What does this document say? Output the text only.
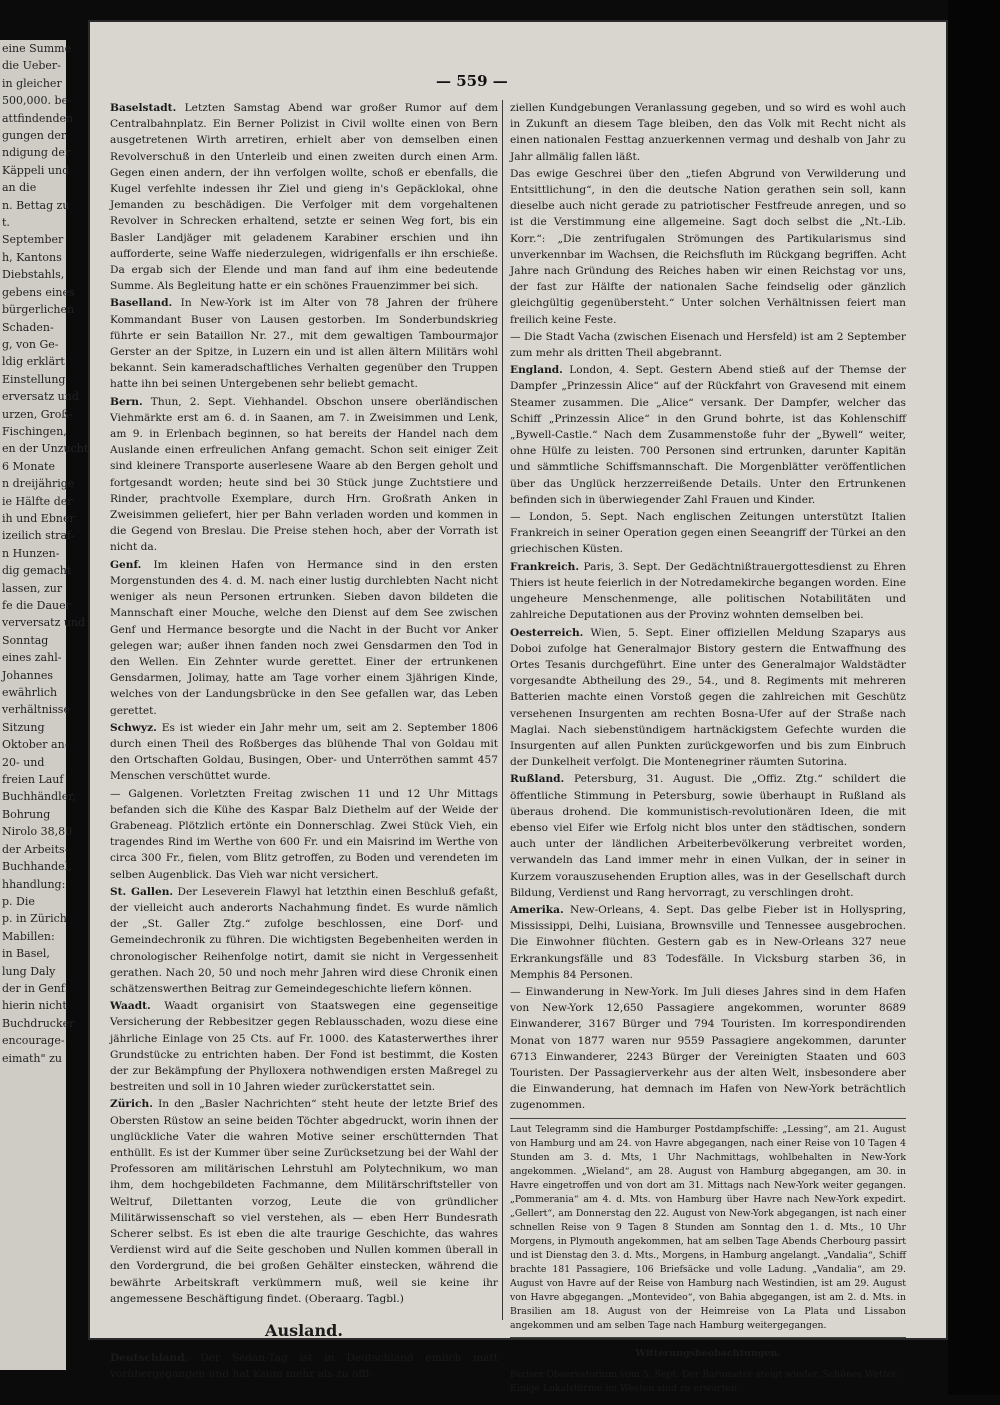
eine Summe

die Ueber-

in gleicher

500,000. be-

attfindenden

gungen der

ndigung der

Käppeli und

an die

n. Bettag zu

t.

September

h, Kantons

Diebstahls,

gebens eines

bürgerlichen

Schaden-

g, von Ge-

ldig erklärt

Einstellung

erversatz und

urzen, Groß-

Fischingen,

en der Unzucht

6 Monate

n dreijährige

ie Hälfte der

ih und Ebner

izeilich straf-

n Hunzen-

dig gemacht

lassen, zur

fe die Dauer

verversatz und

Sonntag

eines zahl-

Johannes

ewährlich

verhältnisse

Sitzung

Oktober an-

20- und

freien Lauf

Buchhändler,

Bohrung

Nirolo 38,80

der Arbeits-

Buchhandel,

hhandlung:

p. Die

p. in Zürich

Mabillen:

in Basel,

lung Daly

der in Genf.

hierin nicht

Buchdrucker

encourage-

eimath" zu

— 559 —

Baselstadt. Letzten Samstag Abend war großer Rumor auf dem Centralbahnplatz. Ein Berner Polizist in Civil wollte einen von Bern ausgetretenen Wirth arretiren, erhielt aber von demselben einen Revolverschuß in den Unterleib und einen zweiten durch einen Arm. Gegen einen andern, der ihn verfolgen wollte, schoß er ebenfalls, die Kugel verfehlte indessen ihr Ziel und gieng in's Gepäcklokal, ohne Jemanden zu beschädigen. Die Verfolger mit dem vorgehaltenen Revolver in Schrecken erhaltend, setzte er seinen Weg fort, bis ein Basler Landjäger mit geladenem Karabiner erschien und ihn aufforderte, seine Waffe niederzulegen, widrigenfalls er ihn erschieße. Da ergab sich der Elende und man fand auf ihm eine bedeutende Summe. Als Begleitung hatte er ein schönes Frauenzimmer bei sich.

Baselland. In New-York ist im Alter von 78 Jahren der frühere Kommandant Buser von Lausen gestorben. Im Sonderbundskrieg führte er sein Bataillon Nr. 27., mit dem gewaltigen Tambourmajor Gerster an der Spitze, in Luzern ein und ist allen ältern Militärs wohl bekannt. Sein kameradschaftliches Verhalten gegenüber den Truppen hatte ihn bei seinen Untergebenen sehr beliebt gemacht.

Bern. Thun, 2. Sept. Viehhandel. Obschon unsere oberländischen Viehmärkte erst am 6. d. in Saanen, am 7. in Zweisimmen und Lenk, am 9. in Erlenbach beginnen, so hat bereits der Handel nach dem Auslande einen erfreulichen Anfang gemacht. Schon seit einiger Zeit sind kleinere Transporte auserlesene Waare ab den Bergen geholt und fortgesandt worden; heute sind bei 30 Stück junge Zuchtstiere und Rinder, prachtvolle Exemplare, durch Hrn. Großrath Anken in Zweisimmen geliefert, hier per Bahn verladen worden und kommen in die Gegend von Breslau. Die Preise stehen hoch, aber der Vorrath ist nicht da.

Genf. Im kleinen Hafen von Hermance sind in den ersten Morgenstunden des 4. d. M. nach einer lustig durchlebten Nacht nicht weniger als neun Personen ertrunken. Sieben davon bildeten die Mannschaft einer Mouche, welche den Dienst auf dem See zwischen Genf und Hermance besorgte und die Nacht in der Bucht vor Anker gelegen war; außer ihnen fanden noch zwei Gensdarmen den Tod in den Wellen. Ein Zehnter wurde gerettet. Einer der ertrunkenen Gensdarmen, Jolimay, hatte am Tage vorher einem 3jährigen Kinde, welches von der Landungsbrücke in den See gefallen war, das Leben gerettet.

Schwyz. Es ist wieder ein Jahr mehr um, seit am 2. September 1806 durch einen Theil des Roßberges das blühende Thal von Goldau mit den Ortschaften Goldau, Busingen, Ober- und Unterröthen sammt 457 Menschen verschüttet wurde.

— Galgenen. Vorletzten Freitag zwischen 11 und 12 Uhr Mittags befanden sich die Kühe des Kaspar Balz Diethelm auf der Weide der Grabeneag. Plötzlich ertönte ein Donnerschlag. Zwei Stück Vieh, ein tragendes Rind im Werthe von 600 Fr. und ein Maisrind im Werthe von circa 300 Fr., fielen, vom Blitz getroffen, zu Boden und verendeten im selben Augenblick. Das Vieh war nicht versichert.

St. Gallen. Der Leseverein Flawyl hat letzthin einen Beschluß gefaßt, der vielleicht auch anderorts Nachahmung findet. Es wurde nämlich der „St. Galler Ztg.“ zufolge beschlossen, eine Dorf- und Gemeindechronik zu führen. Die wichtigsten Begebenheiten werden in chronologischer Reihenfolge notirt, damit sie nicht in Vergessenheit gerathen. Nach 20, 50 und noch mehr Jahren wird diese Chronik einen schätzenswerthen Beitrag zur Gemeindegeschichte liefern können.

Waadt. Waadt organisirt von Staatswegen eine gegenseitige Versicherung der Rebbesitzer gegen Reblausschaden, wozu diese eine jährliche Einlage von 25 Cts. auf Fr. 1000. des Katasterwerthes ihrer Grundstücke zu entrichten haben. Der Fond ist bestimmt, die Kosten der zur Bekämpfung der Phylloxera nothwendigen ersten Maßregel zu bestreiten und soll in 10 Jahren wieder zurückerstattet sein.

Zürich. In den „Basler Nachrichten“ steht heute der letzte Brief des Obersten Rüstow an seine beiden Töchter abgedruckt, worin ihnen der unglückliche Vater die wahren Motive seiner erschütternden That enthüllt. Es ist der Kummer über seine Zurücksetzung bei der Wahl der Professoren am militärischen Lehrstuhl am Polytechnikum, wo man ihm, dem hochgebildeten Fachmanne, dem Militärschriftsteller von Weltruf, Dilettanten vorzog, Leute die von gründlicher Militärwissenschaft so viel verstehen, als — eben Herr Bundesrath Scherer selbst. Es ist eben die alte traurige Geschichte, das wahres Verdienst wird auf die Seite geschoben und Nullen kommen überall in den Vordergrund, die bei großen Gehälter einstecken, während die bewährte Arbeitskraft verkümmern muß, weil sie keine ihr angemessene Beschäftigung findet. (Oberaarg. Tagbl.)

Ausland.

Deutschland. Der Sedan-Tag ist in Deutschland emlich matt vorübergegangen und hat kaum mehr als zu offi-

ziellen Kundgebungen Veranlassung gegeben, und so wird es wohl auch in Zukunft an diesem Tage bleiben, den das Volk mit Recht nicht als einen nationalen Festtag anzuerkennen vermag und deshalb von Jahr zu Jahr allmälig fallen läßt.

Das ewige Geschrei über den „tiefen Abgrund von Verwilderung und Entsittlichung“, in den die deutsche Nation gerathen sein soll, kann dieselbe auch nicht gerade zu patriotischer Festfreude anregen, und so ist die Verstimmung eine allgemeine. Sagt doch selbst die „Nt.-Lib. Korr.“: „Die zentrifugalen Strömungen des Partikularismus sind unverkennbar im Wachsen, die Reichsfluth im Rückgang begriffen. Acht Jahre nach Gründung des Reiches haben wir einen Reichstag vor uns, der fast zur Hälfte der nationalen Sache feindselig oder gänzlich gleichgültig gegenübersteht.“ Unter solchen Verhältnissen feiert man freilich keine Feste.

— Die Stadt Vacha (zwischen Eisenach und Hersfeld) ist am 2 September zum mehr als dritten Theil abgebrannt.

England. London, 4. Sept. Gestern Abend stieß auf der Themse der Dampfer „Prinzessin Alice“ auf der Rückfahrt von Gravesend mit einem Steamer zusammen. Die „Alice“ versank. Der Dampfer, welcher das Schiff „Prinzessin Alice“ in den Grund bohrte, ist das Kohlenschiff „Bywell-Castle.“ Nach dem Zusammenstoße fuhr der „Bywell“ weiter, ohne Hülfe zu leisten. 700 Personen sind ertrunken, darunter Kapitän und sämmtliche Schiffsmannschaft. Die Morgenblätter veröffentlichen über das Unglück herzzerreißende Details. Unter den Ertrunkenen befinden sich in überwiegender Zahl Frauen und Kinder.

— London, 5. Sept. Nach englischen Zeitungen unterstützt Italien Frankreich in seiner Operation gegen einen Seeangriff der Türkei an den griechischen Küsten.

Frankreich. Paris, 3. Sept. Der Gedächtnißtrauergottesdienst zu Ehren Thiers ist heute feierlich in der Notredamekirche begangen worden. Eine ungeheure Menschenmenge, alle politischen Notabilitäten und zahlreiche Deputationen aus der Provinz wohnten demselben bei.

Oesterreich. Wien, 5. Sept. Einer offiziellen Meldung Szaparys aus Doboi zufolge hat Generalmajor Bistory gestern die Entwaffnung des Ortes Tesanis durchgeführt. Eine unter des Generalmajor Waldstädter vorgesandte Abtheilung des 29., 54., und 8. Regiments mit mehreren Batterien machte einen Vorstoß gegen die zahlreichen mit Geschütz versehenen Insurgenten am rechten Bosna-Ufer auf der Straße nach Maglai. Nach siebenstündigem hartnäckigstem Gefechte wurden die Insurgenten auf allen Punkten zurückgeworfen und bis zum Einbruch der Dunkelheit verfolgt. Die Montenegriner räumten Sutorina.

Rußland. Petersburg, 31. August. Die „Offiz. Ztg.“ schildert die öffentliche Stimmung in Petersburg, sowie überhaupt in Rußland als überaus drohend. Die kommunistisch-revolutionären Ideen, die mit ebenso viel Eifer wie Erfolg nicht blos unter den städtischen, sondern auch unter der ländlichen Arbeiterbevölkerung verbreitet worden, verwandeln das Land immer mehr in einen Vulkan, der in seiner in Kurzem vorauszusehenden Eruption alles, was in der Gesellschaft durch Bildung, Verdienst und Rang hervorragt, zu verschlingen droht.

Amerika. New-Orleans, 4. Sept. Das gelbe Fieber ist in Hollyspring, Mississippi, Delhi, Luisiana, Brownsville und Tennessee ausgebrochen. Die Einwohner flüchten. Gestern gab es in New-Orleans 327 neue Erkrankungsfälle und 83 Todesfälle. In Vicksburg starben 36, in Memphis 84 Personen.

— Einwanderung in New-York. Im Juli dieses Jahres sind in dem Hafen von New-York 12,650 Passagiere angekommen, worunter 8689 Einwanderer, 3167 Bürger und 794 Touristen. Im korrespondirenden Monat von 1877 waren nur 9559 Passagiere angekommen, darunter 6713 Einwanderer, 2243 Bürger der Vereinigten Staaten und 603 Touristen. Der Passagierverkehr aus der alten Welt, insbesondere aber die Einwanderung, hat demnach im Hafen von New-York beträchtlich zugenommen.

Laut Telegramm sind die Hamburger Postdampfschiffe: „Lessing“, am 21. August von Hamburg und am 24. von Havre abgegangen, nach einer Reise von 10 Tagen 4 Stunden am 3. d. Mts, 1 Uhr Nachmittags, wohlbehalten in New-York angekommen. „Wieland“, am 28. August von Hamburg abgegangen, am 30. in Havre eingetroffen und von dort am 31. Mittags nach New-York weiter gegangen. „Pommerania“ am 4. d. Mts. von Hamburg über Havre nach New-York expedirt. „Gellert“, am Donnerstag den 22. August von New-York abgegangen, ist nach einer schnellen Reise von 9 Tagen 8 Stunden am Sonntag den 1. d. Mts., 10 Uhr Morgens, in Plymouth angekommen, hat am selben Tage Abends Cherbourg passirt und ist Dienstag den 3. d. Mts., Morgens, in Hamburg angelangt. „Vandalia“, Schiff brachte 181 Passagiere, 106 Briefsäcke und volle Ladung. „Vandalia“, am 29. August von Havre auf der Reise von Hamburg nach Westindien, ist am 29. August von Havre abgegangen. „Montevideo“, von Bahia abgegangen, ist am 2. d. Mts. in Brasilien am 18. August von der Heimreise von La Plata und Lissabon angekommen und am selben Tage nach Hamburg weitergegangen.

Witterungsbeobachtungen.

Pariser Observatorium vom 5. Sept. Der Barometer steigt wieder. Schönes Wetter. Einige Lokalstürme im Westen sind zu erwarten.
